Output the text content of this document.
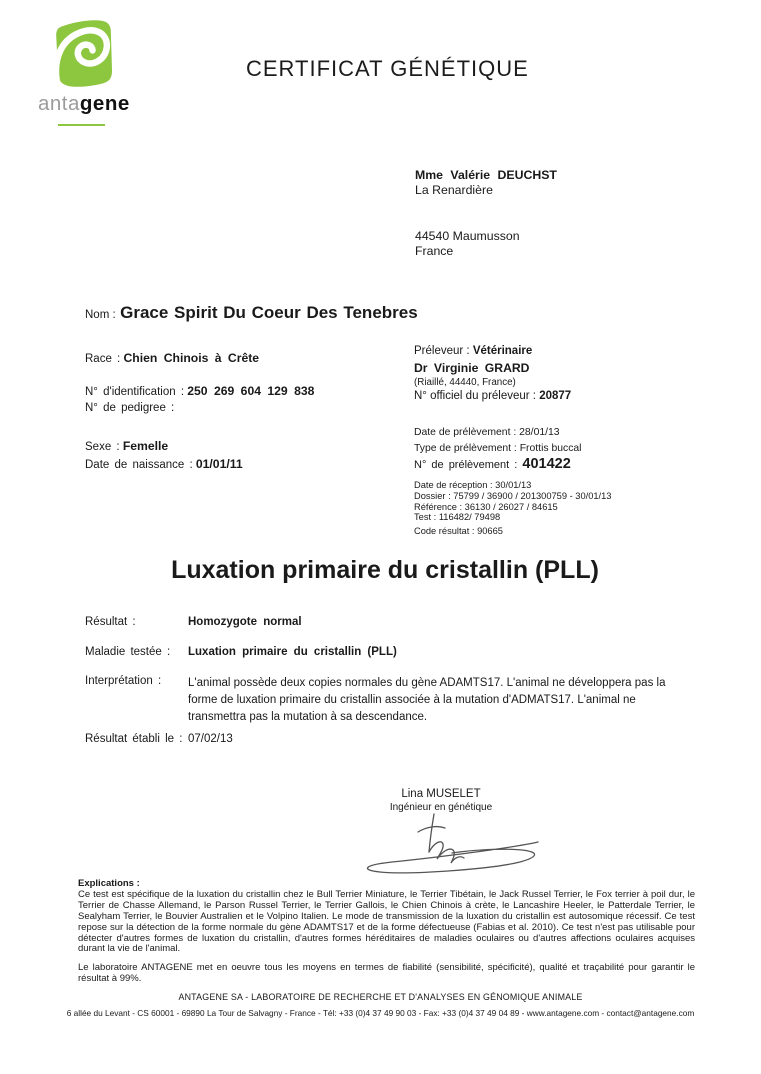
antagene
CERTIFICAT GÉNÉTIQUE
Mme Valérie DEUCHST
La Renardière
44540 Maumusson
France
Nom : Grace Spirit Du Coeur Des Tenebres
Race : Chien Chinois à Crête
N° d'identification : 250 269 604 129 838
N° de pedigree :
Sexe : Femelle
Date de naissance : 01/01/11
Préleveur : Vétérinaire
Dr Virginie GRARD
(Riaillé, 44440, France)
N° officiel du préleveur : 20877
Date de prélèvement : 28/01/13
Type de prélèvement : Frottis buccal
N° de prélèvement : 401422
Date de réception : 30/01/13
Dossier : 75799 / 36900 / 201300759 - 30/01/13
Référence : 36130 / 26027 / 84615
Test : 116482/ 79498
Code résultat : 90665
Luxation primaire du cristallin (PLL)
Résultat :	Homozygote normal
Maladie testée :	Luxation primaire du cristallin (PLL)
Interprétation :	L'animal possède deux copies normales du gène ADAMTS17. L'animal ne développera pas la forme de luxation primaire du cristallin associée à la mutation d'ADMATS17. L'animal ne transmettra pas la mutation à sa descendance.
Résultat établi le : 07/02/13
Lina MUSELET
Ingénieur en génétique
Explications :

Ce test est spécifique de la luxation du cristallin chez le Bull Terrier Miniature, le Terrier Tibétain, le Jack Russel Terrier, le Fox terrier à poil dur, le Terrier de Chasse Allemand, le Parson Russel Terrier, le Terrier Gallois, le Chien Chinois à crète, le Lancashire Heeler, le Patterdale Terrier, le Sealyham Terrier, le Bouvier Australien et le Volpino Italien. Le mode de transmission de la luxation du cristallin est autosomique récessif. Ce test repose sur la détection de la forme normale du gène ADAMTS17 et de la forme défectueuse (Fabias et al. 2010). Ce test n'est pas utilisable pour détecter d'autres formes de luxation du cristallin, d'autres formes héréditaires de maladies oculaires ou d'autres affections oculaires acquises durant la vie de l'animal.

Le laboratoire ANTAGENE met en oeuvre tous les moyens en termes de fiabilité (sensibilité, spécificité), qualité et traçabilité pour garantir le résultat à 99%.

ANTAGENE SA - LABORATOIRE DE RECHERCHE ET D'ANALYSES EN GÉNOMIQUE ANIMALE
6 allée du Levant - CS 60001 - 69890 La Tour de Salvagny - France - Tél: +33 (0)4 37 49 90 03 - Fax: +33 (0)4 37 49 04 89 - www.antagene.com - contact@antagene.com
